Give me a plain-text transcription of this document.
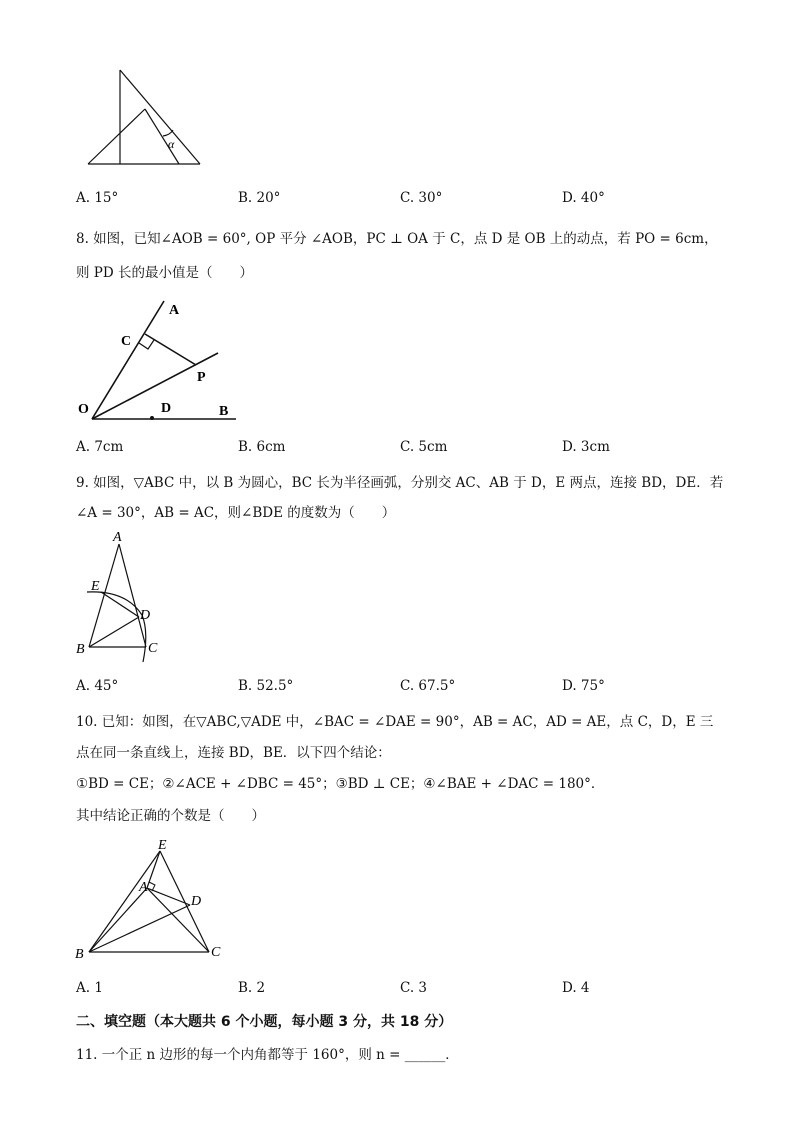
α
A. 15°	B. 20°	C. 30°	D. 40°
8. 如图，已知∠AOB = 60°, OP 平分 ∠AOB，PC ⊥ OA 于 C，点 D 是 OB 上的动点，若 PO = 6cm，
则 PD 长的最小值是（　　）
A
C
P
O	D	B
A. 7cm	B. 6cm	C. 5cm	D. 3cm
9. 如图，▽ABC 中，以 B 为圆心，BC 长为半径画弧，分别交 AC、AB 于 D，E 两点，连接 BD，DE．若
∠A = 30°，AB = AC，则∠BDE 的度数为（　　）
A
E
D
B	C
A. 45°	B. 52.5°	C. 67.5°	D. 75°
10. 已知：如图，在▽ABC,▽ADE 中，∠BAC = ∠DAE = 90°，AB = AC，AD = AE，点 C，D，E 三
点在同一条直线上，连接 BD，BE．以下四个结论：
①BD = CE；②∠ACE + ∠DBC = 45°；③BD ⊥ CE；④∠BAE + ∠DAC = 180°．
其中结论正确的个数是（　　）
E
A
D
B	C
A. 1	B. 2	C. 3	D. 4
二、填空题（本大题共 6 个小题，每小题 3 分，共 18 分）
11. 一个正 n 边形的每一个内角都等于 160°，则 n = ______．
